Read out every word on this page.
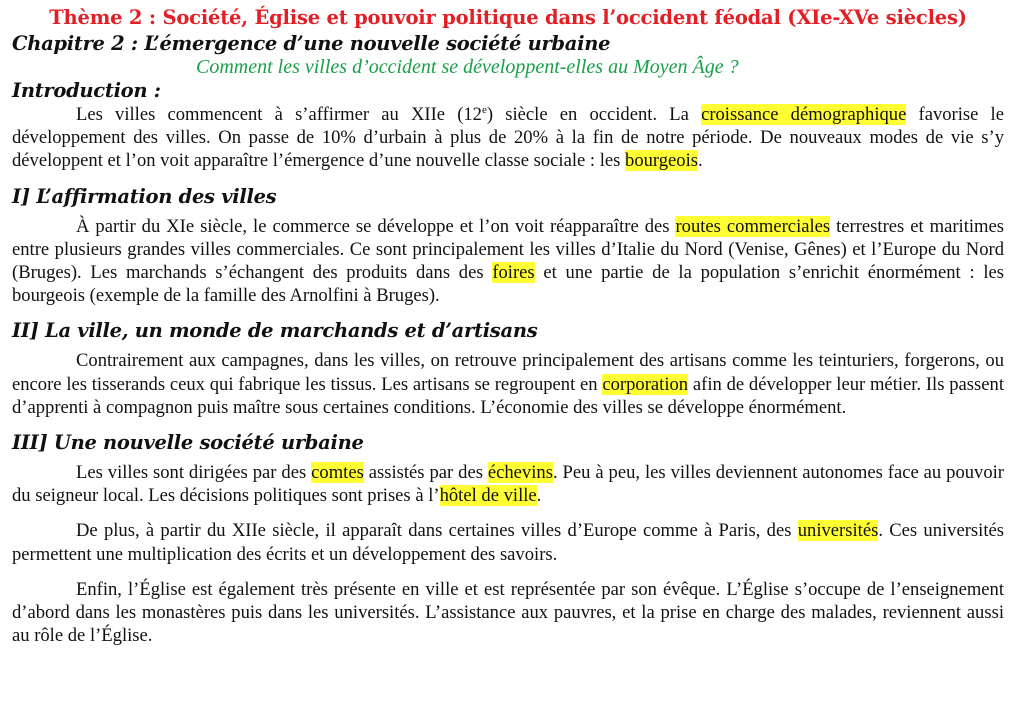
Thème 2 : Société, Église et pouvoir politique dans l’occident féodal (XIe-XVe siècles)
Chapitre 2 : L’émergence d’une nouvelle société urbaine

Comment les villes d’occident se développent-elles au Moyen Âge ?

Introduction :

Les villes commencent à s’affirmer au XIIe (12e) siècle en occident. La croissance démographique favorise le développement des villes. On passe de 10% d’urbain à plus de 20% à la fin de notre période. De nouveaux modes de vie s’y développent et l’on voit apparaître l’émergence d’une nouvelle classe sociale : les bourgeois.

I] L’affirmation des villes

À partir du XIe siècle, le commerce se développe et l’on voit réapparaître des routes commerciales terrestres et maritimes entre plusieurs grandes villes commerciales. Ce sont principalement les villes d’Italie du Nord (Venise, Gênes) et l’Europe du Nord (Bruges). Les marchands s’échangent des produits dans des foires et une partie de la population s’enrichit énormément : les bourgeois (exemple de la famille des Arnolfini à Bruges).

II] La ville, un monde de marchands et d’artisans

Contrairement aux campagnes, dans les villes, on retrouve principalement des artisans comme les teinturiers, forgerons, ou encore les tisserands ceux qui fabrique les tissus. Les artisans se regroupent en corporation afin de développer leur métier. Ils passent d’apprenti à compagnon puis maître sous certaines conditions. L’économie des villes se développe énormément.

III] Une nouvelle société urbaine

Les villes sont dirigées par des comtes assistés par des échevins. Peu à peu, les villes deviennent autonomes face au pouvoir du seigneur local. Les décisions politiques sont prises à l’hôtel de ville.

De plus, à partir du XIIe siècle, il apparaît dans certaines villes d’Europe comme à Paris, des universités. Ces universités permettent une multiplication des écrits et un développement des savoirs.

Enfin, l’Église est également très présente en ville et est représentée par son évêque. L’Église s’occupe de l’enseignement d’abord dans les monastères puis dans les universités. L’assistance aux pauvres, et la prise en charge des malades, reviennent aussi au rôle de l’Église.
